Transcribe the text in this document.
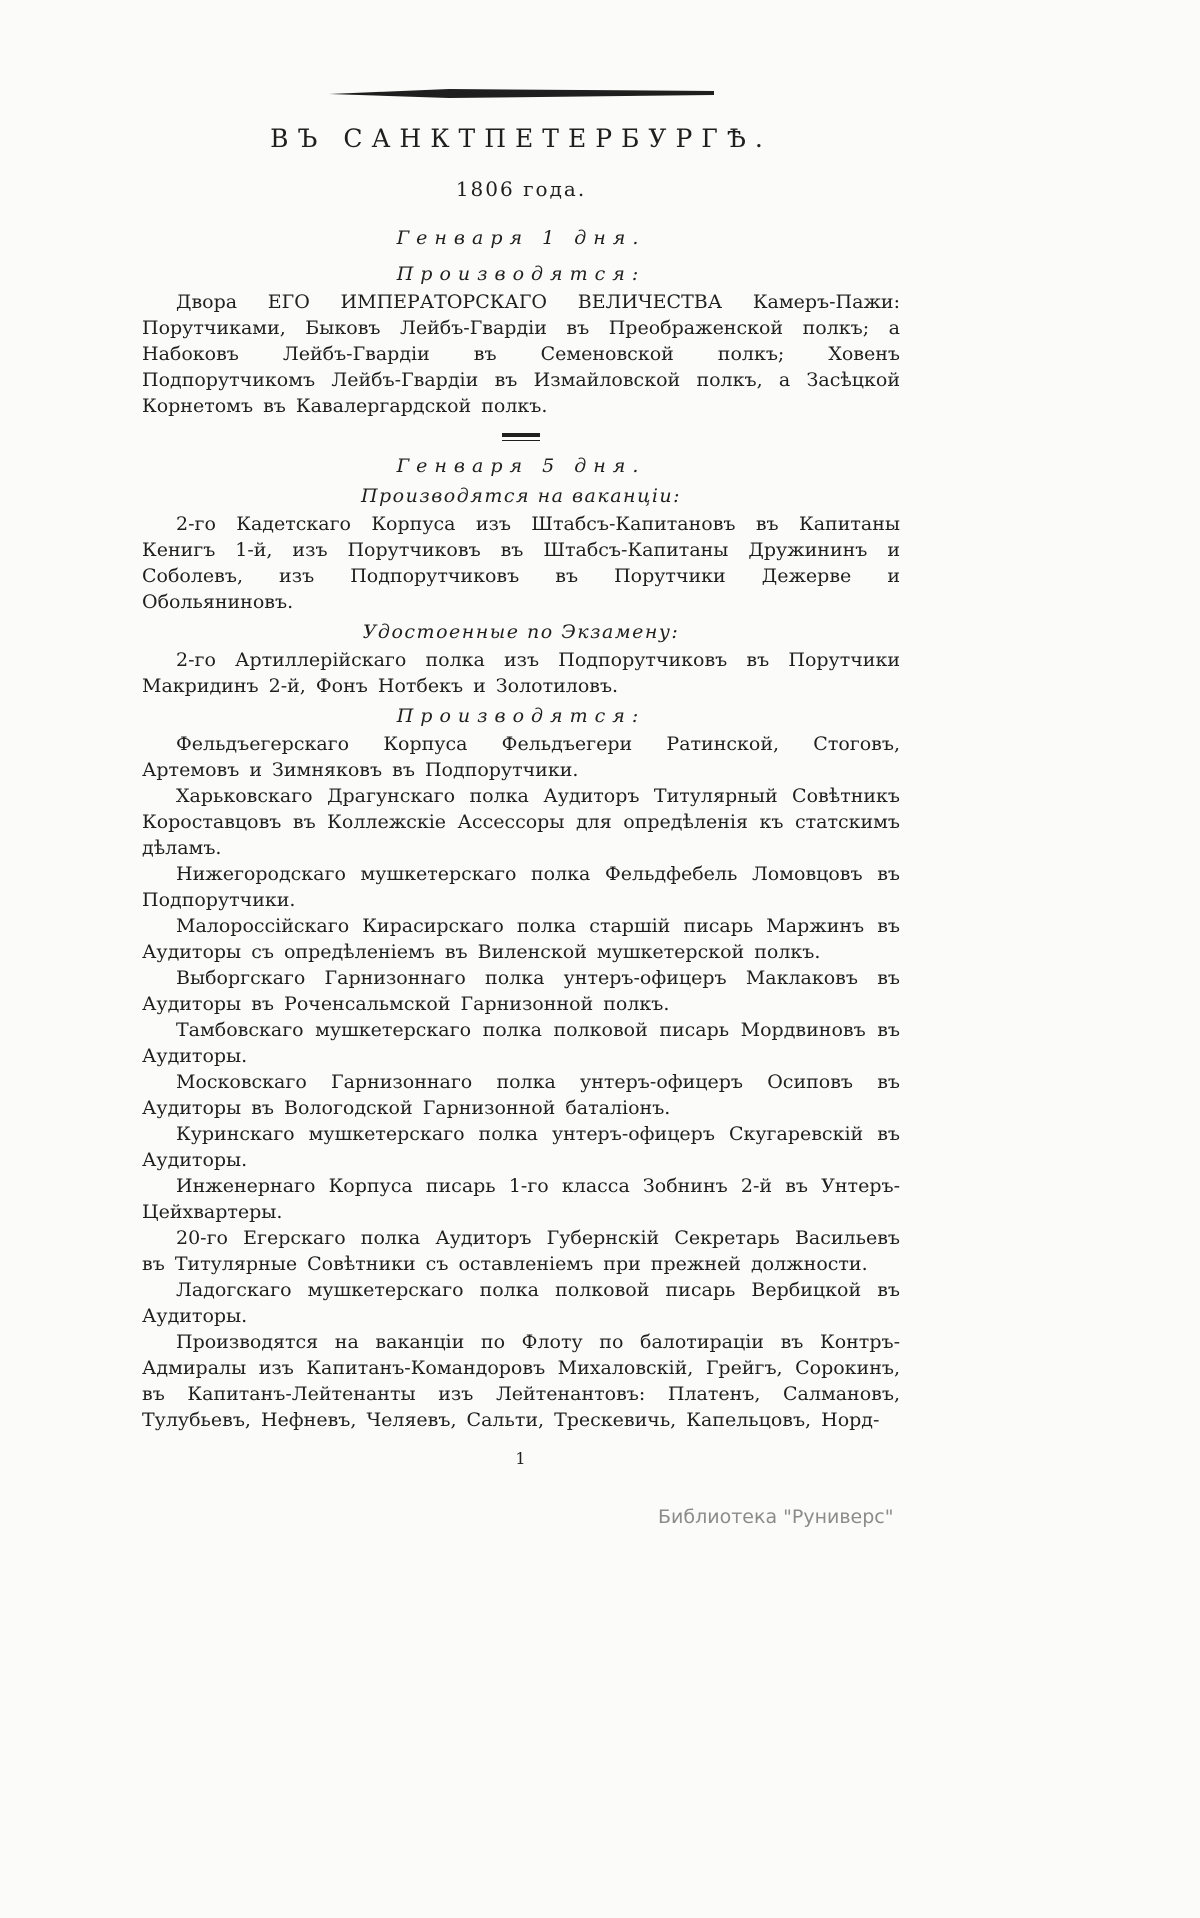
ВЪ САНКТПЕТЕРБУРГѢ.
1806 года.
Генваря 1 дня.
Производятся:

Двора ЕГО ИМПЕРАТОРСКАГО ВЕЛИЧЕСТВА Камеръ-Пажи: Порутчиками, Быковъ Лейбъ-Гвардіи въ Преображенской полкъ; а Набоковъ Лейбъ-Гвардіи въ Семеновской полкъ; Ховенъ Подпорутчикомъ Лейбъ-Гвардіи въ Измайловской полкъ, а Засѣцкой Корнетомъ въ Кавалергардской полкъ.

Генваря 5 дня.
Производятся на ваканціи:

2-го Кадетскаго Корпуса изъ Штабсъ-Капитановъ въ Капитаны Кенигъ 1-й, изъ Порутчиковъ въ Штабсъ-Капитаны Дружининъ и Соболевъ, изъ Подпорутчиковъ въ Порутчики Дежерве и Обольяниновъ.

Удостоенные по Экзамену:

2-го Артиллерійскаго полка изъ Подпорутчиковъ въ Порутчики Макридинъ 2-й, Фонъ Нотбекъ и Золотиловъ.

Производятся:

Фельдъегерскаго Корпуса Фельдъегери Ратинской, Стоговъ, Артемовъ и Зимняковъ въ Подпорутчики.

Харьковскаго Драгунскаго полка Аудиторъ Титулярный Совѣтникъ Короставцовъ въ Коллежскіе Ассессоры для опредѣленія къ статскимъ дѣламъ.

Нижегородскаго мушкетерскаго полка Фельдфебель Ломовцовъ въ Подпорутчики.

Малороссійскаго Кирасирскаго полка старшій писарь Маржинъ въ Аудиторы съ опредѣленіемъ въ Виленской мушкетерской полкъ.

Выборгскаго Гарнизоннаго полка унтеръ-офицеръ Маклаковъ въ Аудиторы въ Роченсальмской Гарнизонной полкъ.

Тамбовскаго мушкетерскаго полка полковой писарь Мордвиновъ въ Аудиторы.

Московскаго Гарнизоннаго полка унтеръ-офицеръ Осиповъ въ Аудиторы въ Вологодской Гарнизонной баталіонъ.

Куринскаго мушкетерскаго полка унтеръ-офицеръ Скугаревскій въ Аудиторы.

Инженернаго Корпуса писарь 1-го класса Зобнинъ 2-й въ Унтеръ-Цейхвартеры.

20-го Егерскаго полка Аудиторъ Губернскій Секретарь Васильевъ въ Титулярные Совѣтники съ оставленіемъ при прежней должности.

Ладогскаго мушкетерскаго полка полковой писарь Вербицкой въ Аудиторы.

Производятся на ваканціи по Флоту по балотираціи въ Контръ-Адмиралы изъ Капитанъ-Командоровъ Михаловскій, Грейгъ, Сорокинъ, въ Капитанъ-Лейтенанты изъ Лейтенантовъ: Платенъ, Салмановъ, Тулубьевъ, Нефневъ, Челяевъ, Сальти, Трескевичь, Капельцовъ, Норд-

1
Библиотека "Руниверс"
